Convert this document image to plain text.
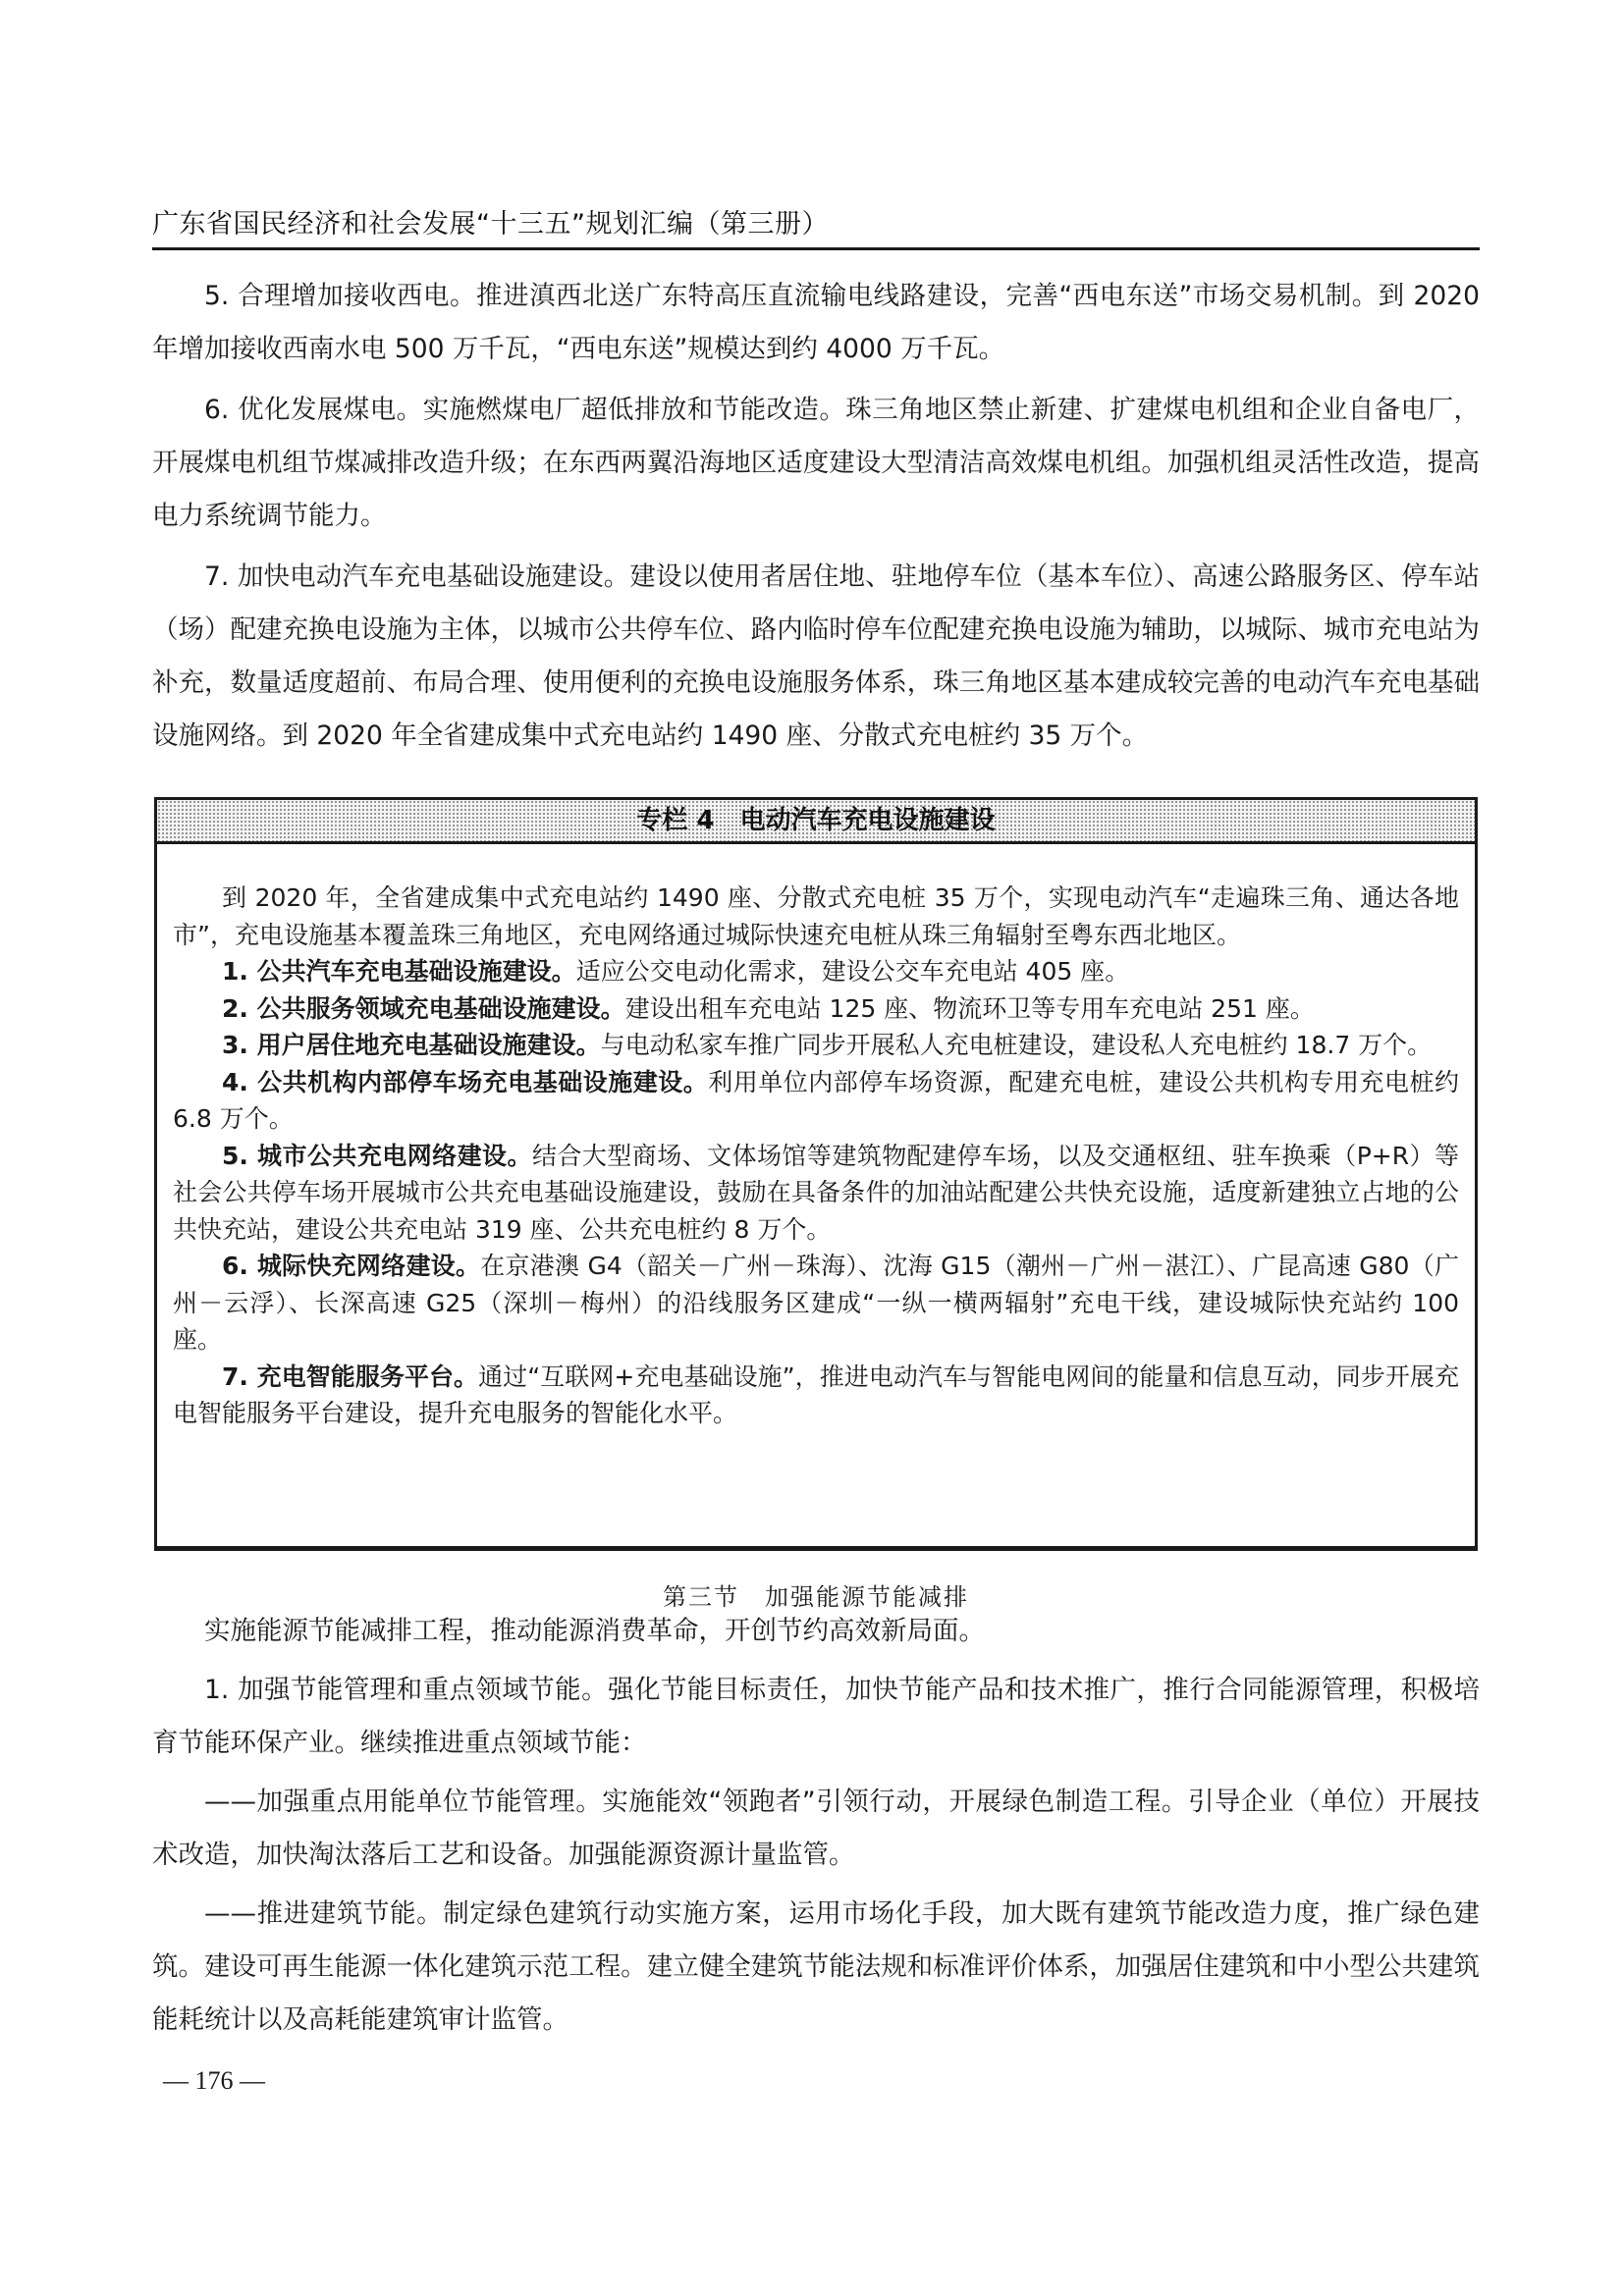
广东省国民经济和社会发展“十三五”规划汇编（第三册）

5. 合理增加接收西电。推进滇西北送广东特高压直流输电线路建设，完善“西电东送”市场交易机制。到 2020 年增加接收西南水电 500 万千瓦，“西电东送”规模达到约 4000 万千瓦。

6. 优化发展煤电。实施燃煤电厂超低排放和节能改造。珠三角地区禁止新建、扩建煤电机组和企业自备电厂，开展煤电机组节煤减排改造升级；在东西两翼沿海地区适度建设大型清洁高效煤电机组。加强机组灵活性改造，提高电力系统调节能力。

7. 加快电动汽车充电基础设施建设。建设以使用者居住地、驻地停车位（基本车位）、高速公路服务区、停车站（场）配建充换电设施为主体，以城市公共停车位、路内临时停车位配建充换电设施为辅助，以城际、城市充电站为补充，数量适度超前、布局合理、使用便利的充换电设施服务体系，珠三角地区基本建成较完善的电动汽车充电基础设施网络。到 2020 年全省建成集中式充电站约 1490 座、分散式充电桩约 35 万个。

专栏 4　电动汽车充电设施建设

到 2020 年，全省建成集中式充电站约 1490 座、分散式充电桩 35 万个，实现电动汽车“走遍珠三角、通达各地市”，充电设施基本覆盖珠三角地区，充电网络通过城际快速充电桩从珠三角辐射至粤东西北地区。

1. 公共汽车充电基础设施建设。适应公交电动化需求，建设公交车充电站 405 座。

2. 公共服务领域充电基础设施建设。建设出租车充电站 125 座、物流环卫等专用车充电站 251 座。

3. 用户居住地充电基础设施建设。与电动私家车推广同步开展私人充电桩建设，建设私人充电桩约 18.7 万个。

4. 公共机构内部停车场充电基础设施建设。利用单位内部停车场资源，配建充电桩，建设公共机构专用充电桩约 6.8 万个。

5. 城市公共充电网络建设。结合大型商场、文体场馆等建筑物配建停车场，以及交通枢纽、驻车换乘（P+R）等社会公共停车场开展城市公共充电基础设施建设，鼓励在具备条件的加油站配建公共快充设施，适度新建独立占地的公共快充站，建设公共充电站 319 座、公共充电桩约 8 万个。

6. 城际快充网络建设。在京港澳 G4（韶关－广州－珠海）、沈海 G15（潮州－广州－湛江）、广昆高速 G80（广州－云浮）、长深高速 G25（深圳－梅州）的沿线服务区建成“一纵一横两辐射”充电干线，建设城际快充站约 100 座。

7. 充电智能服务平台。通过“互联网+充电基础设施”，推进电动汽车与智能电网间的能量和信息互动，同步开展充电智能服务平台建设，提升充电服务的智能化水平。

第三节　加强能源节能减排

实施能源节能减排工程，推动能源消费革命，开创节约高效新局面。

1. 加强节能管理和重点领域节能。强化节能目标责任，加快节能产品和技术推广，推行合同能源管理，积极培育节能环保产业。继续推进重点领域节能：

——加强重点用能单位节能管理。实施能效“领跑者”引领行动，开展绿色制造工程。引导企业（单位）开展技术改造，加快淘汰落后工艺和设备。加强能源资源计量监管。

——推进建筑节能。制定绿色建筑行动实施方案，运用市场化手段，加大既有建筑节能改造力度，推广绿色建筑。建设可再生能源一体化建筑示范工程。建立健全建筑节能法规和标准评价体系，加强居住建筑和中小型公共建筑能耗统计以及高耗能建筑审计监管。

— 176 —
